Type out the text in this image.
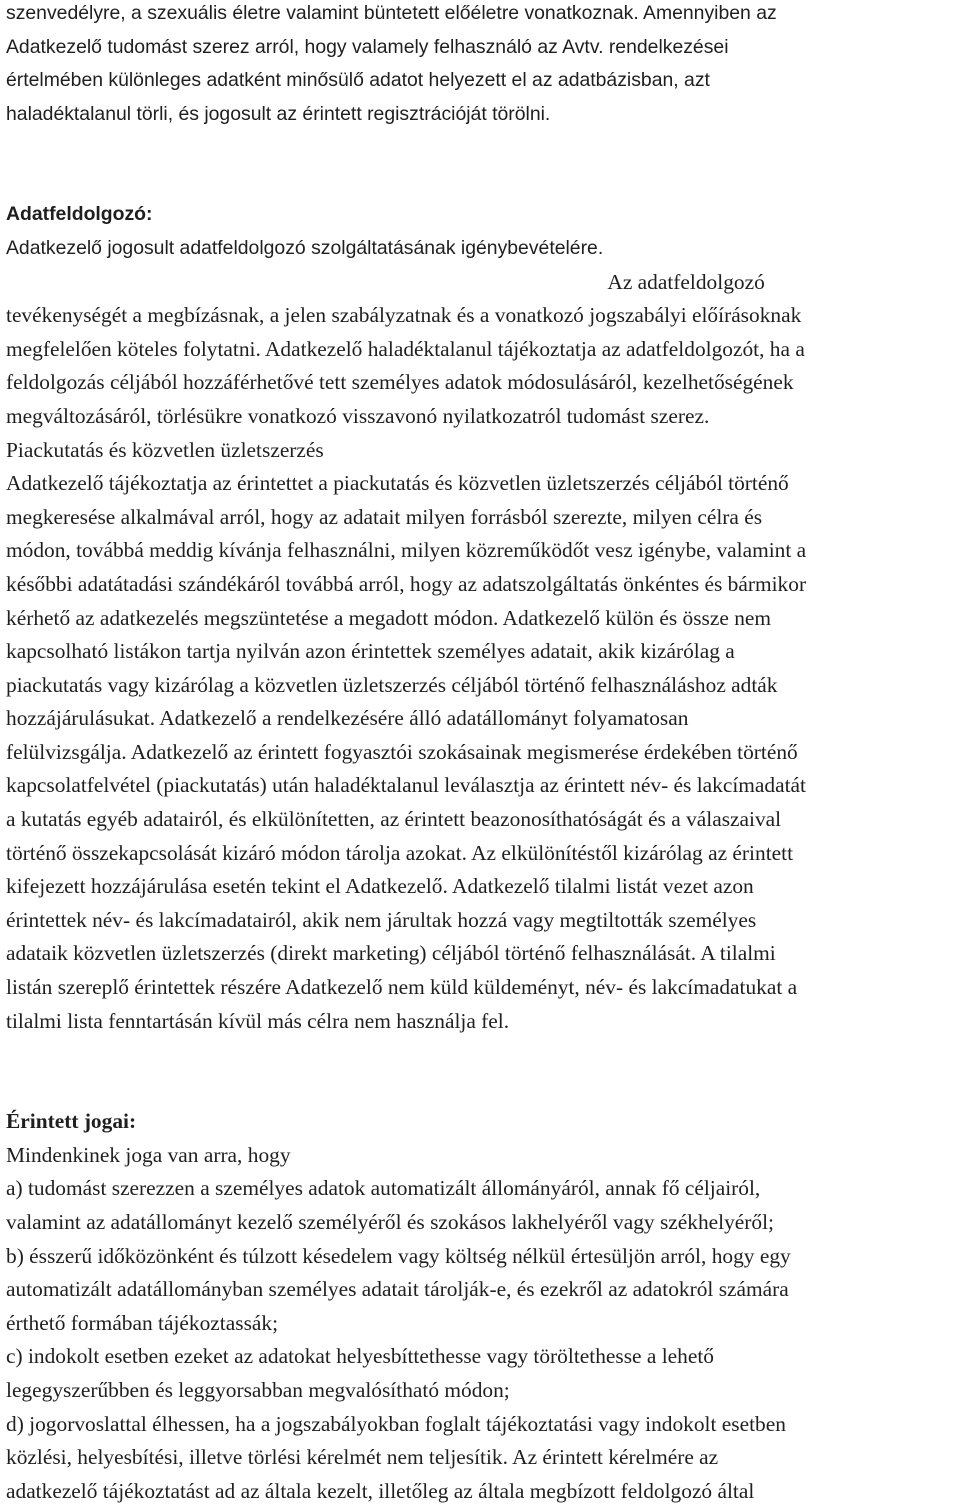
szenvedélyre, a szexuális életre valamint büntetett előéletre vonatkoznak. Amennyiben az
Adatkezelő tudomást szerez arról, hogy valamely felhasználó az Avtv. rendelkezései
értelmében különleges adatként minősülő adatot helyezett el az adatbázisban, azt
haladéktalanul törli, és jogosult az érintett regisztrációját törölni.
Adatfeldolgozó:
Adatkezelő jogosult adatfeldolgozó szolgáltatásának igénybevételére.
Az adatfeldolgozó
tevékenységét a megbízásnak, a jelen szabályzatnak és a vonatkozó jogszabályi előírásoknak
megfelelően köteles folytatni. Adatkezelő haladéktalanul tájékoztatja az adatfeldolgozót, ha a
feldolgozás céljából hozzáférhetővé tett személyes adatok módosulásáról, kezelhetőségének
megváltozásáról, törlésükre vonatkozó visszavonó nyilatkozatról tudomást szerez.
Piackutatás és közvetlen üzletszerzés
Adatkezelő tájékoztatja az érintettet a piackutatás és közvetlen üzletszerzés céljából történő
megkeresése alkalmával arról, hogy az adatait milyen forrásból szerezte, milyen célra és
módon, továbbá meddig kívánja felhasználni, milyen közreműködőt vesz igénybe, valamint a
későbbi adatátadási szándékáról továbbá arról, hogy az adatszolgáltatás önkéntes és bármikor
kérhető az adatkezelés megszüntetése a megadott módon. Adatkezelő külön és össze nem
kapcsolható listákon tartja nyilván azon érintettek személyes adatait, akik kizárólag a
piackutatás vagy kizárólag a közvetlen üzletszerzés céljából történő felhasználáshoz adták
hozzájárulásukat. Adatkezelő a rendelkezésére álló adatállományt folyamatosan
felülvizsgálja. Adatkezelő az érintett fogyasztói szokásainak megismerése érdekében történő
kapcsolatfelvétel (piackutatás) után haladéktalanul leválasztja az érintett név- és lakcímadatát
a kutatás egyéb adatairól, és elkülönítetten, az érintett beazonosíthatóságát és a válaszaival
történő összekapcsolását kizáró módon tárolja azokat. Az elkülönítéstől kizárólag az érintett
kifejezett hozzájárulása esetén tekint el Adatkezelő. Adatkezelő tilalmi listát vezet azon
érintettek név- és lakcímadatairól, akik nem járultak hozzá vagy megtiltották személyes
adataik közvetlen üzletszerzés (direkt marketing) céljából történő felhasználását. A tilalmi
listán szereplő érintettek részére Adatkezelő nem küld küldeményt, név- és lakcímadatukat a
tilalmi lista fenntartásán kívül más célra nem használja fel.
Érintett jogai:
Mindenkinek joga van arra, hogy
a) tudomást szerezzen a személyes adatok automatizált állományáról, annak fő céljairól,
valamint az adatállományt kezelő személyéről és szokásos lakhelyéről vagy székhelyéről;
b) ésszerű időközönként és túlzott késedelem vagy költség nélkül értesüljön arról, hogy egy
automatizált adatállományban személyes adatait tárolják-e, és ezekről az adatokról számára
érthető formában tájékoztassák;
c) indokolt esetben ezeket az adatokat helyesbíttethesse vagy töröltethesse a lehető
legegyszerűbben és leggyorsabban megvalósítható módon;
d) jogorvoslattal élhessen, ha a jogszabályokban foglalt tájékoztatási vagy indokolt esetben
közlési, helyesbítési, illetve törlési kérelmét nem teljesítik. Az érintett kérelmére az
adatkezelő tájékoztatást ad az általa kezelt, illetőleg az általa megbízott feldolgozó által
